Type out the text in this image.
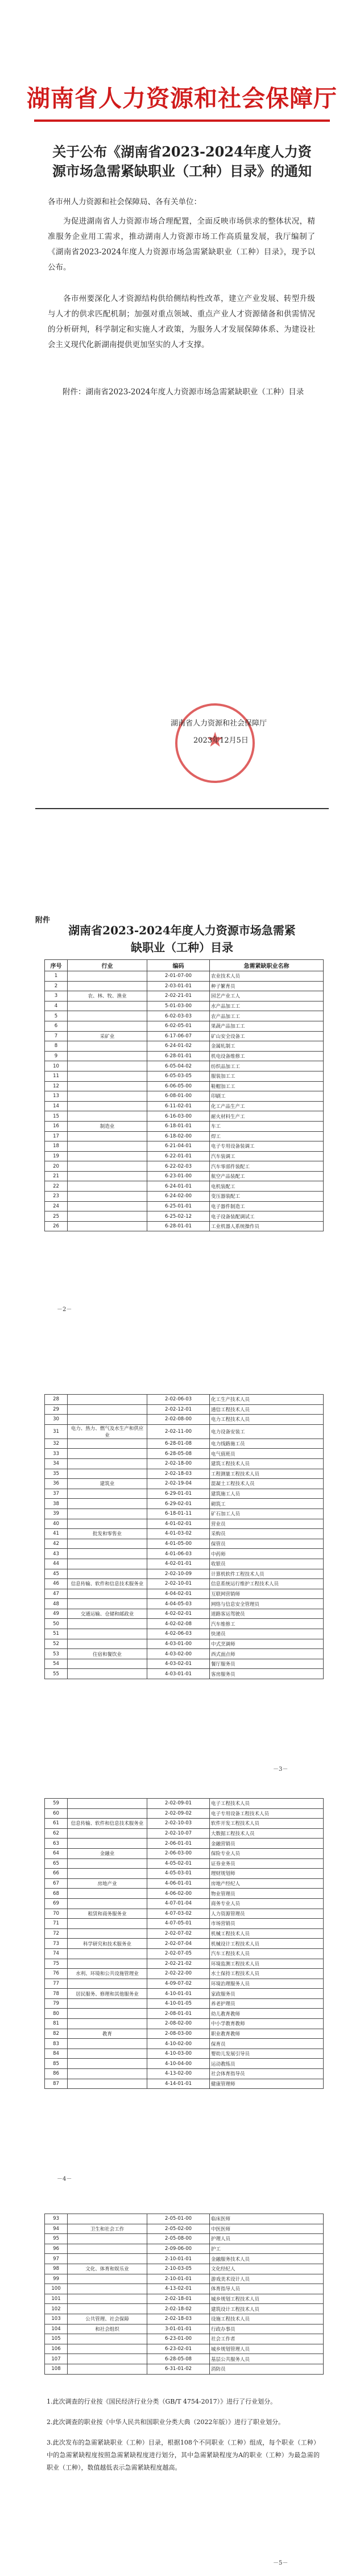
湖南省人力资源和社会保障厅
关于公布《湖南省2023-2024年度人力资源市场急需紧缺职业（工种）目录》的通知
各市州人力资源和社会保障局、各有关单位：
为促进湖南省人力资源市场合理配置，全面反映市场供求的整体状况，精准服务企业用工需求，推动湖南人力资源市场工作高质量发展，我厅编制了《湖南省2023-2024年度人力资源市场急需紧缺职业（工种）目录》，现予以公布。
各市州要深化人才资源结构供给侧结构性改革，建立产业发展、转型升级与人才的供求匹配机制；加强对重点领域、重点产业人才资源储备和供需情况的分析研判，科学制定和实施人才政策，为服务人才发展保障体系、为建设社会主义现代化新湖南提供更加坚实的人才支撑。
附件：湖南省2023-2024年度人力资源市场急需紧缺职业（工种）目录
★
湖南省人力资源和社会保障厅
2023年12月5日
附件
湖南省2023-2024年度人力资源市场急需紧缺职业（工种）目录
序号	行业	编码	急需紧缺职业名称
1		2-01-07-00	农业技术人员
2		2-03-01-01	种子繁育员
3	农、林、牧、渔业	2-02-21-01	园艺产业工人
4		5-01-03-00	水产品加工工
5		6-02-03-03	农产品加工工
6		6-02-05-01	果蔬产品加工工
7	采矿业	6-17-06-07	矿山安全设备工
8		6-24-01-02	金属轧制工
9		6-28-01-01	机电设备维修工
10		6-05-04-02	纺织品加工工
11		6-05-03-05	服装加工工
12		6-06-05-00	鞋帽加工工
13		6-08-01-00	印刷工
14		6-11-02-01	化工产品生产工
15		6-16-03-00	耐火材料生产工
16	制造业	6-18-01-01	车工
17		6-18-02-00	焊工
18		6-21-04-01	电子专用设备装调工
19		6-22-01-01	汽车装调工
20		6-22-02-03	汽车零部件装配工
21		6-23-01-00	航空产品装配工
22		6-24-01-01	电机装配工
23		6-24-02-00	变压器装配工
24		6-25-01-01	电子器件制造工
25		6-25-02-12	电子设备装配调试工
26		6-28-01-01	工业机器人系统操作员
－2－
28		2-02-06-03	化工生产技术人员
29		2-02-12-01	通信工程技术人员
30		2-02-08-00	电力工程技术人员
31	电力、热力、燃气及水生产和供应业	2-02-11-00	电力设备安装工
32		6-28-01-08	电力线路施工员
33		6-28-05-08	电气值班员
34		2-02-18-00	建筑工程技术人员
35		2-02-18-03	工程测量工程技术人员
36	建筑业	2-02-19-04	混凝土工程技术人员
37		6-29-01-01	建筑施工人员
38		6-29-02-01	砌筑工
39		6-18-01-11	矿石加工人员
40		4-01-02-01	营业员
41	批发和零售业	4-01-03-02	采购员
42		4-01-05-00	保管员
43		4-01-06-03	中药师
44		4-02-01-01	收银员
45		2-02-10-09	计算机软件工程技术人员
46	信息传输、软件和信息技术服务业	2-02-10-01	信息系统运行维护工程技术人员
47		4-04-02-01	互联网营销师
48		4-04-05-03	网络与信息安全管理员
49	交通运输、仓储和邮政业	4-02-02-01	道路客运驾驶员
50		4-02-02-08	汽车维修工
51		4-02-06-03	快递员
52		4-03-01-00	中式烹调师
53	住宿和餐饮业	4-03-02-00	西式面点师
54		4-03-02-01	餐厅服务员
55		4-03-01-01	客房服务员
－3－
59		2-02-09-01	电子工程技术人员
60		2-02-09-02	电子专用设备工程技术人员
61	信息传输、软件和信息技术服务业	2-02-10-03	软件开发工程技术人员
62		2-02-10-07	大数据工程技术人员
63		2-06-01-01	金融营销员
64	金融业	2-06-03-00	保险专业人员
65		4-05-02-01	证券业务员
66		4-05-03-01	理财规划师
67	房地产业	4-06-01-01	房地产经纪人
68		4-06-02-00	物业管理员
69		4-07-01-04	商务专业人员
70	租赁和商务服务业	4-07-03-02	人力资源管理员
71		4-07-05-01	市场营销员
72		2-02-07-02	机械工程技术人员
73	科学研究和技术服务业	2-02-07-04	机械设计工程技术人员
74		2-02-07-05	汽车工程技术人员
75		2-02-21-02	环境监测工程技术人员
76	水利、环境和公共设施管理业	2-02-22-00	水土保持工程技术人员
77		4-09-07-02	环境治理服务人员
78	居民服务、修理和其他服务业	4-10-01-01	家政服务员
79		4-10-01-05	养老护理员
80		2-08-01-01	幼儿教育教师
81		2-08-02-00	中小学教育教师
82	教育	2-08-03-00	职业教育教师
83		4-10-02-00	保育员
84		4-10-03-00	婴幼儿发展引导员
85		4-10-04-00	运动教练员
86		4-13-02-00	社会体育指导员
87		4-14-01-01	健康管理师
－4－
93		2-05-01-00	临床医师
94	卫生和社会工作	2-05-02-00	中医医师
95		2-05-08-00	护理人员
96		2-09-06-00	护工
97		2-10-01-01	金融服务技术人员
98	文化、体育和娱乐业	2-10-03-05	文化经纪人
99		2-10-01-01	游戏美术设计人员
100		4-13-02-01	体育指导人员
101		2-02-18-01	城乡规划工程技术人员
102		2-02-18-02	建筑设计工程技术人员
103	公共管理、社会保障	2-02-18-03	设施工程技术人员
104	和社会组织	3-01-01-01	行政办事员
105		6-23-01-00	社会工作者
106		6-23-02-01	城乡规划管理人员
107		6-28-05-08	基层公共服务人员
108		6-31-01-02	消防员
1.此次调查的行业按《国民经济行业分类（GB/T 4754-2017）》进行了行业划分。
2.此次调查的职业按《中华人民共和国职业分类大典（2022年版）》进行了职业划分。
3.此次发布的急需紧缺职业（工种）目录，根据108个不同职业（工种）组成，每个职业（工种）中的急需紧缺程度按照急需紧缺程度进行划分，其中急需紧缺程度为A的职业（工种）为最急需的职业（工种），数值越低表示急需紧缺程度越高。
－5－
